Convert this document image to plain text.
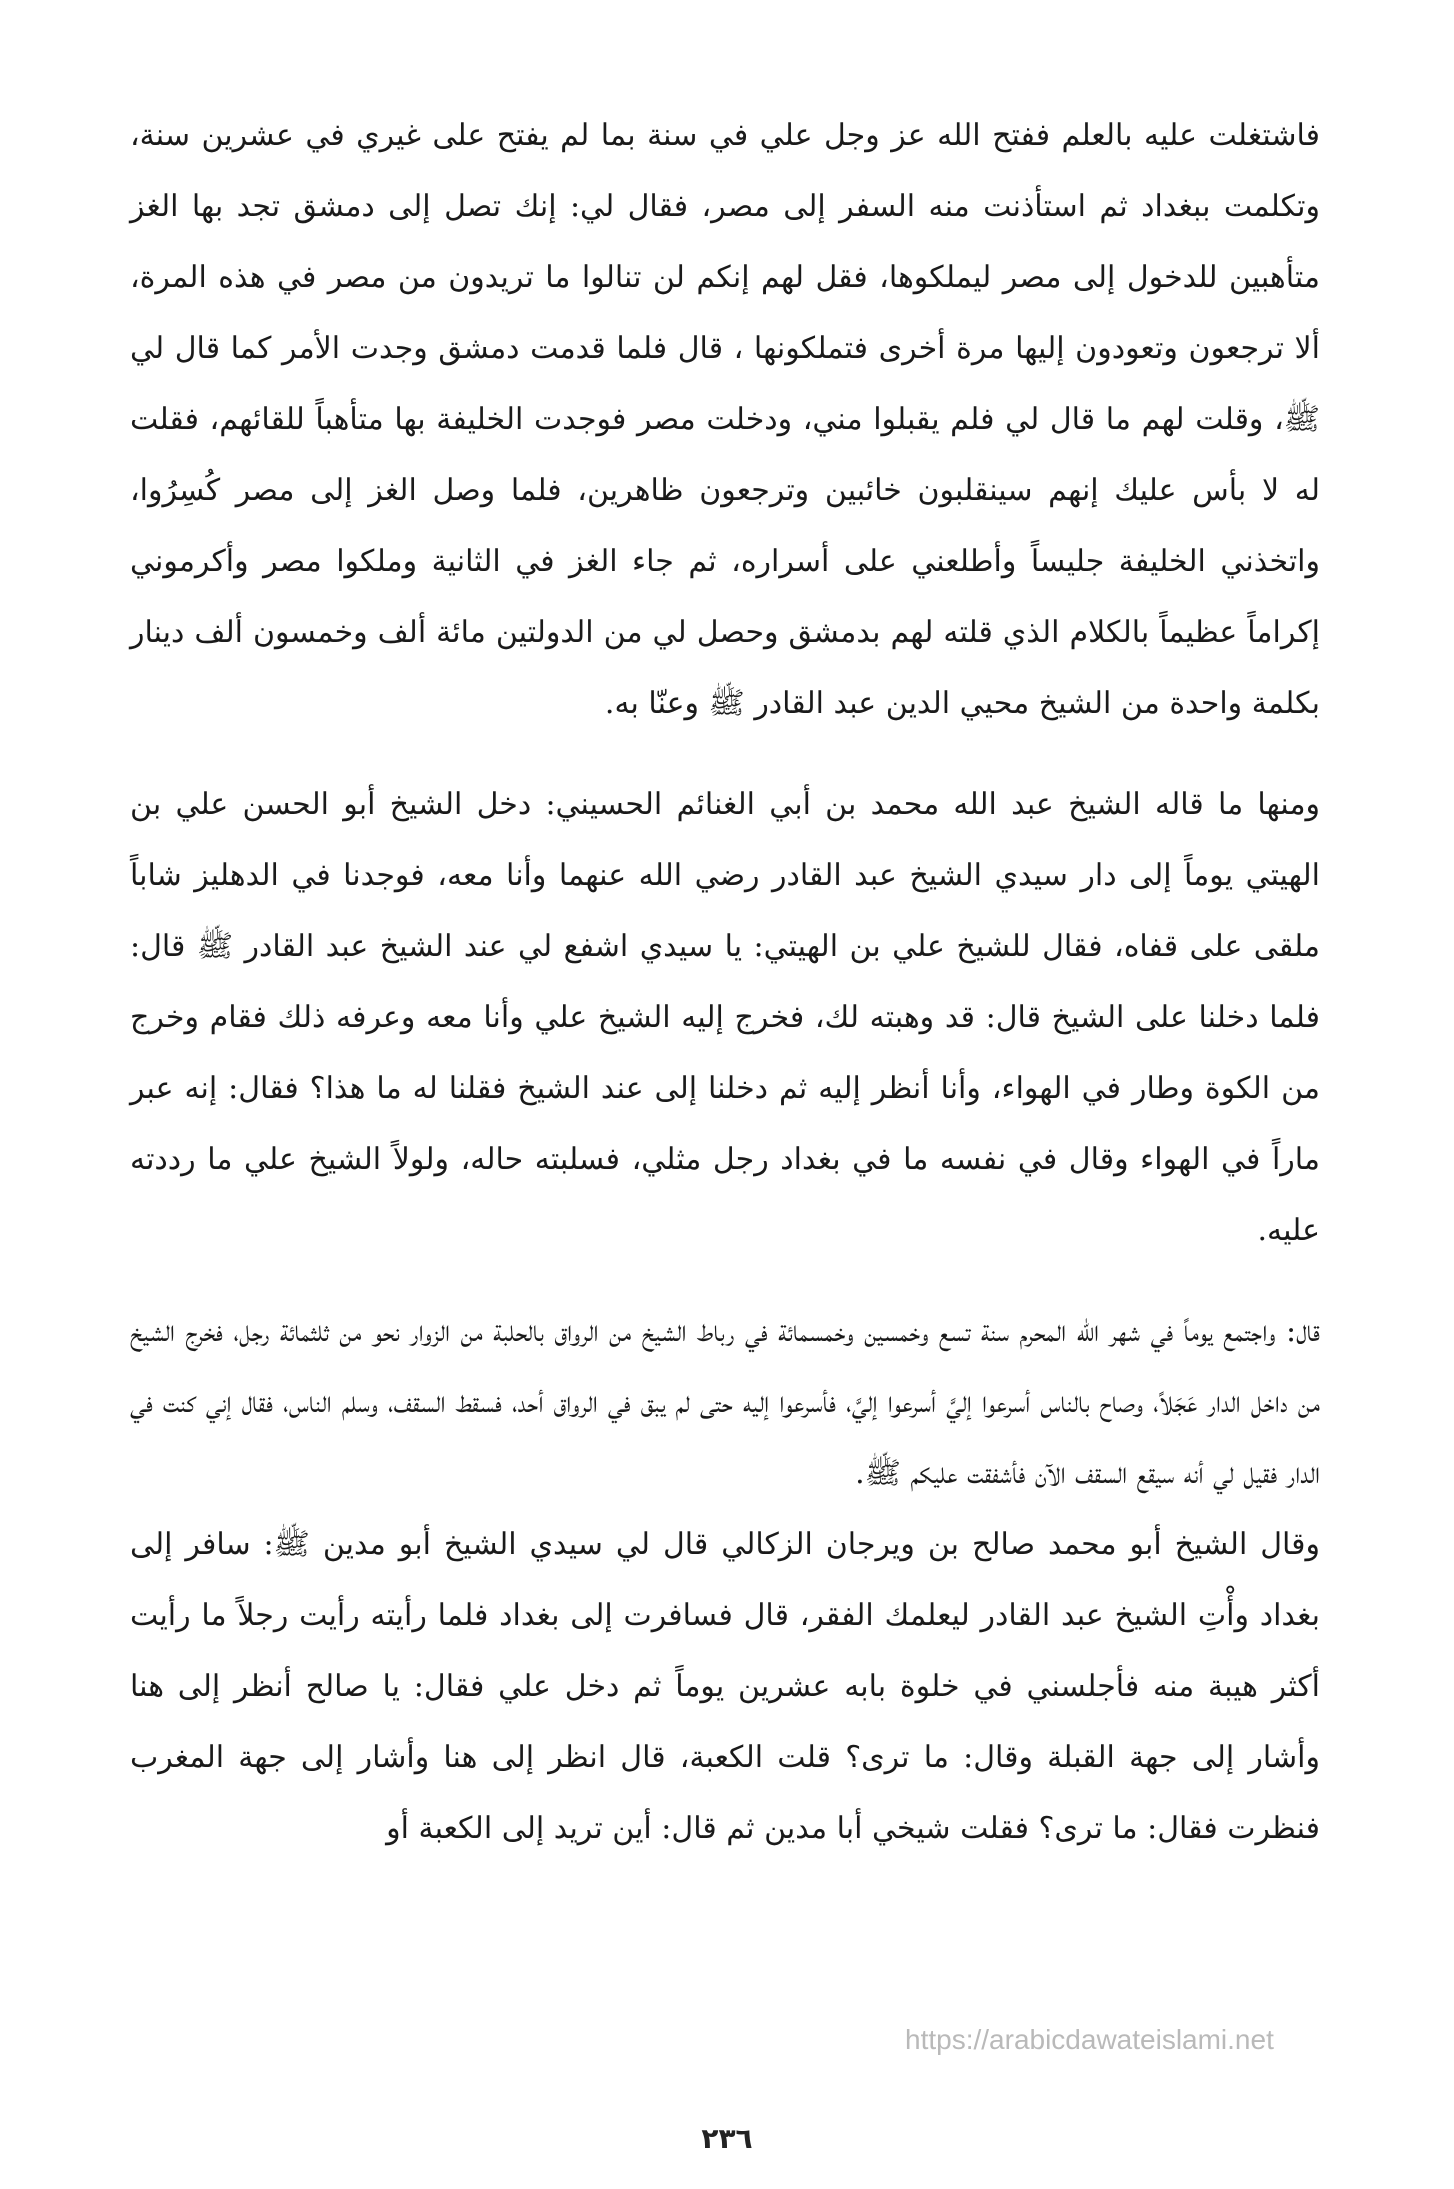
فاشتغلت عليه بالعلم ففتح الله عز وجل علي في سنة بما لم يفتح على غيري في عشرين سنة، وتكلمت ببغداد ثم استأذنت منه السفر إلى مصر، فقال لي: إنك تصل إلى دمشق تجد بها الغز متأهبين للدخول إلى مصر ليملكوها، فقل لهم إنكم لن تنالوا ما تريدون من مصر في هذه المرة، ألا ترجعون وتعودون إليها مرة أخرى فتملكونها ، قال فلما قدمت دمشق وجدت الأمر كما قال لي ﷺ، وقلت لهم ما قال لي فلم يقبلوا مني، ودخلت مصر فوجدت الخليفة بها متأهباً للقائهم، فقلت له لا بأس عليك إنهم سينقلبون خائبين وترجعون ظاهرين، فلما وصل الغز إلى مصر كُسِرُوا، واتخذني الخليفة جليساً وأطلعني على أسراره، ثم جاء الغز في الثانية وملكوا مصر وأكرموني إكراماً عظيماً بالكلام الذي قلته لهم بدمشق وحصل لي من الدولتين مائة ألف وخمسون ألف دينار بكلمة واحدة من الشيخ محيي الدين عبد القادر ﷺ وعنّا به.

ومنها ما قاله الشيخ عبد الله محمد بن أبي الغنائم الحسيني: دخل الشيخ أبو الحسن علي بن الهيتي يوماً إلى دار سيدي الشيخ عبد القادر رضي الله عنهما وأنا معه، فوجدنا في الدهليز شاباً ملقى على قفاه، فقال للشيخ علي بن الهيتي: يا سيدي اشفع لي عند الشيخ عبد القادر ﷺ قال: فلما دخلنا على الشيخ قال: قد وهبته لك، فخرج إليه الشيخ علي وأنا معه وعرفه ذلك فقام وخرج من الكوة وطار في الهواء، وأنا أنظر إليه ثم دخلنا إلى عند الشيخ فقلنا له ما هذا؟ فقال: إنه عبر ماراً في الهواء وقال في نفسه ما في بغداد رجل مثلي، فسلبته حاله، ولولاً الشيخ علي ما رددته عليه.

قال: واجتمع يوماً في شهر الله المحرم سنة تسع وخمسين وخمسمائة في رباط الشيخ من الرواق بالحلبة من الزوار نحو من ثلثمائة رجل، فخرج الشيخ من داخل الدار عَجَلاً، وصاح بالناس أسرعوا إليَّ أسرعوا إليَّ، فأسرعوا إليه حتى لم يبق في الرواق أحد، فسقط السقف، وسلم الناس، فقال إني كنت في الدار فقيل لي أنه سيقع السقف الآن فأشفقت عليكم ﷺ.

وقال الشيخ أبو محمد صالح بن ويرجان الزكالي قال لي سيدي الشيخ أبو مدين ﷺ: سافر إلى بغداد وأْتِ الشيخ عبد القادر ليعلمك الفقر، قال فسافرت إلى بغداد فلما رأيته رأيت رجلاً ما رأيت أكثر هيبة منه فأجلسني في خلوة بابه عشرين يوماً ثم دخل علي فقال: يا صالح أنظر إلى هنا وأشار إلى جهة القبلة وقال: ما ترى؟ قلت الكعبة، قال انظر إلى هنا وأشار إلى جهة المغرب فنظرت فقال: ما ترى؟ فقلت شيخي أبا مدين ثم قال: أين تريد إلى الكعبة أو

https://arabicdawateislami.net
٢٣٦
